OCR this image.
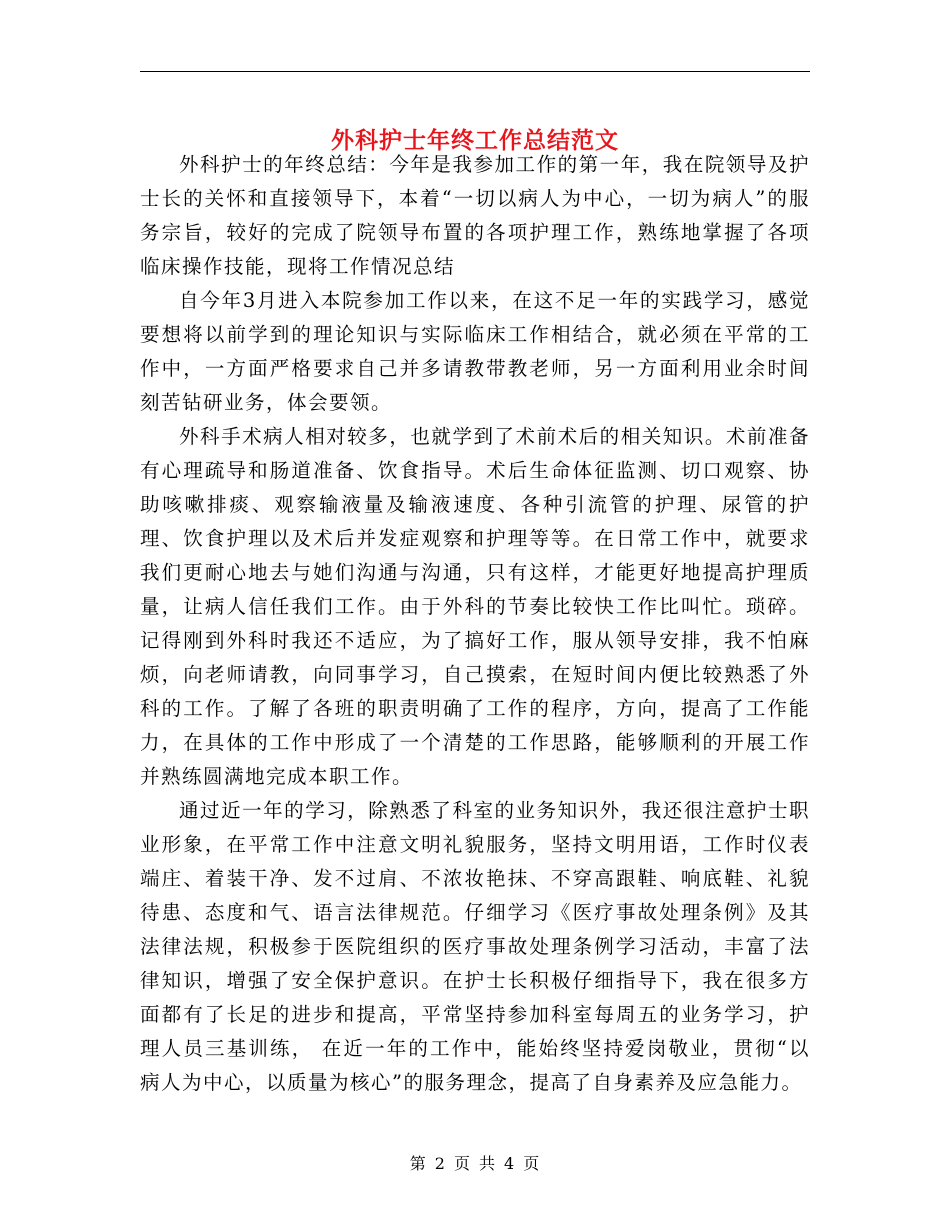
外科护士年终工作总结范文

外科护士的年终总结：今年是我参加工作的第一年，我在院领导及护士长的关怀和直接领导下，本着“一切以病人为中心，一切为病人”的服务宗旨，较好的完成了院领导布置的各项护理工作，熟练地掌握了各项临床操作技能，现将工作情况总结

自今年3月进入本院参加工作以来，在这不足一年的实践学习，感觉要想将以前学到的理论知识与实际临床工作相结合，就必须在平常的工作中，一方面严格要求自己并多请教带教老师，另一方面利用业余时间刻苦钻研业务，体会要领。

外科手术病人相对较多，也就学到了术前术后的相关知识。术前准备有心理疏导和肠道准备、饮食指导。术后生命体征监测、切口观察、协助咳嗽排痰、观察输液量及输液速度、各种引流管的护理、尿管的护理、饮食护理以及术后并发症观察和护理等等。在日常工作中，就要求我们更耐心地去与她们沟通与沟通，只有这样，才能更好地提高护理质量，让病人信任我们工作。由于外科的节奏比较快工作比叫忙。琐碎。记得刚到外科时我还不适应，为了搞好工作，服从领导安排，我不怕麻烦，向老师请教，向同事学习，自己摸索，在短时间内便比较熟悉了外科的工作。了解了各班的职责明确了工作的程序，方向，提高了工作能力，在具体的工作中形成了一个清楚的工作思路，能够顺利的开展工作并熟练圆满地完成本职工作。

通过近一年的学习，除熟悉了科室的业务知识外，我还很注意护士职业形象，在平常工作中注意文明礼貌服务，坚持文明用语，工作时仪表端庄、着装干净、发不过肩、不浓妆艳抹、不穿高跟鞋、响底鞋、礼貌待患、态度和气、语言法律规范。仔细学习《医疗事故处理条例》及其法律法规，积极参于医院组织的医疗事故处理条例学习活动，丰富了法律知识，增强了安全保护意识。在护士长积极仔细指导下，我在很多方面都有了长足的进步和提高，平常坚持参加科室每周五的业务学习，护理人员三基训练， 在近一年的工作中，能始终坚持爱岗敬业，贯彻“以病人为中心，以质量为核心”的服务理念，提高了自身素养及应急能力。

第 2 页 共 4 页
